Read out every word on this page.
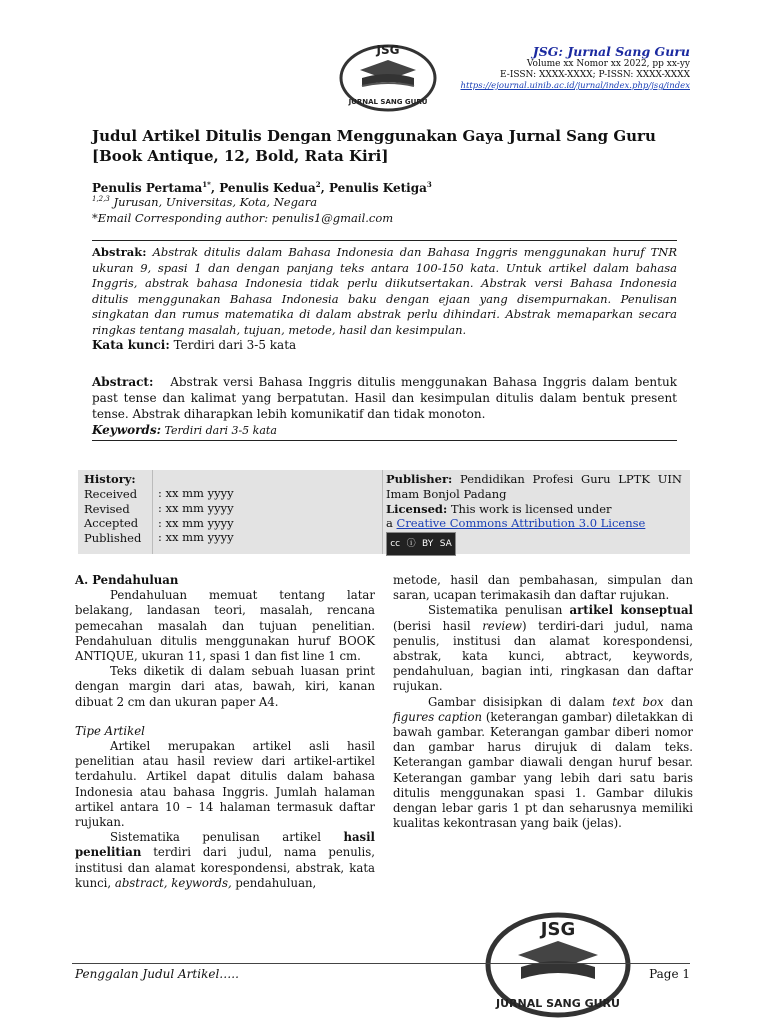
JSG
JURNAL SANG GURU
JSG: Jurnal Sang Guru
Volume xx Nomor xx 2022, pp xx-yy
E-ISSN: XXXX-XXXX; P-ISSN: XXXX-XXXX
https://ejournal.uinib.ac.id/jurnal/index.php/jsg/index
Judul Artikel Ditulis Dengan Menggunakan Gaya Jurnal Sang Guru [Book Antique, 12, Bold, Rata Kiri]
Penulis Pertama$^{1*}$, Penulis Kedua$^2$, Penulis Ketiga$^3$
$^{1,2,3}$ Jurusan, Universitas, Kota, Negara
*Email Corresponding author: penulis1@gmail.com
Abstrak: Abstrak ditulis dalam Bahasa Indonesia dan Bahasa Inggris menggunakan huruf TNR ukuran 9, spasi 1 dan dengan panjang teks antara 100-150 kata. Untuk artikel dalam bahasa Inggris, abstrak bahasa Indonesia tidak perlu diikutsertakan. Abstrak versi Bahasa Indonesia ditulis menggunakan Bahasa Indonesia baku dengan ejaan yang disempurnakan. Penulisan singkatan dan rumus matematika di dalam abstrak perlu dihindari. Abstrak memaparkan secara ringkas tentang masalah, tujuan, metode, hasil dan kesimpulan.
Kata kunci: Terdiri dari 3-5 kata
Abstract: Abstrak versi Bahasa Inggris ditulis menggunakan Bahasa Inggris dalam bentuk past tense dan kalimat yang berpatutan. Hasil dan kesimpulan ditulis dalam bentuk present tense. Abstrak diharapkan lebih komunikatif dan tidak monoton.
Keywords: Terdiri dari 3-5 kata
History:
Received
Revised
Accepted
Published
: xx mm yyyy
: xx mm yyyy
: xx mm yyyy
: xx mm yyyy
Publisher: Pendidikan Profesi Guru LPTK UIN Imam Bonjol Padang
Licensed: This work is licensed under
a Creative Commons Attribution 3.0 License
cc ⓘ BY SA

A. Pendahuluan

Pendahuluan memuat tentang latar belakang, landasan teori, masalah, rencana pemecahan masalah dan tujuan penelitian. Pendahuluan ditulis menggunakan huruf BOOK ANTIQUE, ukuran 11, spasi 1 dan fist line 1 cm.

Teks diketik di dalam sebuah luasan print dengan margin dari atas, bawah, kiri, kanan dibuat 2 cm dan ukuran paper A4.

Tipe Artikel

Artikel merupakan artikel asli hasil penelitian atau hasil review dari artikel-artikel terdahulu. Artikel dapat ditulis dalam bahasa Indonesia atau bahasa Inggris. Jumlah halaman artikel antara 10 – 14 halaman termasuk daftar rujukan.

Sistematika penulisan artikel hasil penelitian terdiri dari judul, nama penulis, institusi dan alamat korespondensi, abstrak, kata kunci, abstract, keywords, pendahuluan,

metode, hasil dan pembahasan, simpulan dan saran, ucapan terimakasih dan daftar rujukan.

Sistematika penulisan artikel konseptual (berisi hasil review) terdiri-dari judul, nama penulis, institusi dan alamat korespondensi, abstrak, kata kunci, abtract, keywords, pendahuluan, bagian inti, ringkasan dan daftar rujukan.

Gambar disisipkan di dalam text box dan figures caption (keterangan gambar) diletakkan di bawah gambar. Keterangan gambar diberi nomor dan gambar harus dirujuk di dalam teks. Keterangan gambar diawali dengan huruf besar. Keterangan gambar yang lebih dari satu baris ditulis menggunakan spasi 1. Gambar dilukis dengan lebar garis 1 pt dan seharusnya memiliki kualitas kekontrasan yang baik (jelas).

JSG
JURNAL SANG GURU
Penggalan Judul Artikel…..	Page 1
